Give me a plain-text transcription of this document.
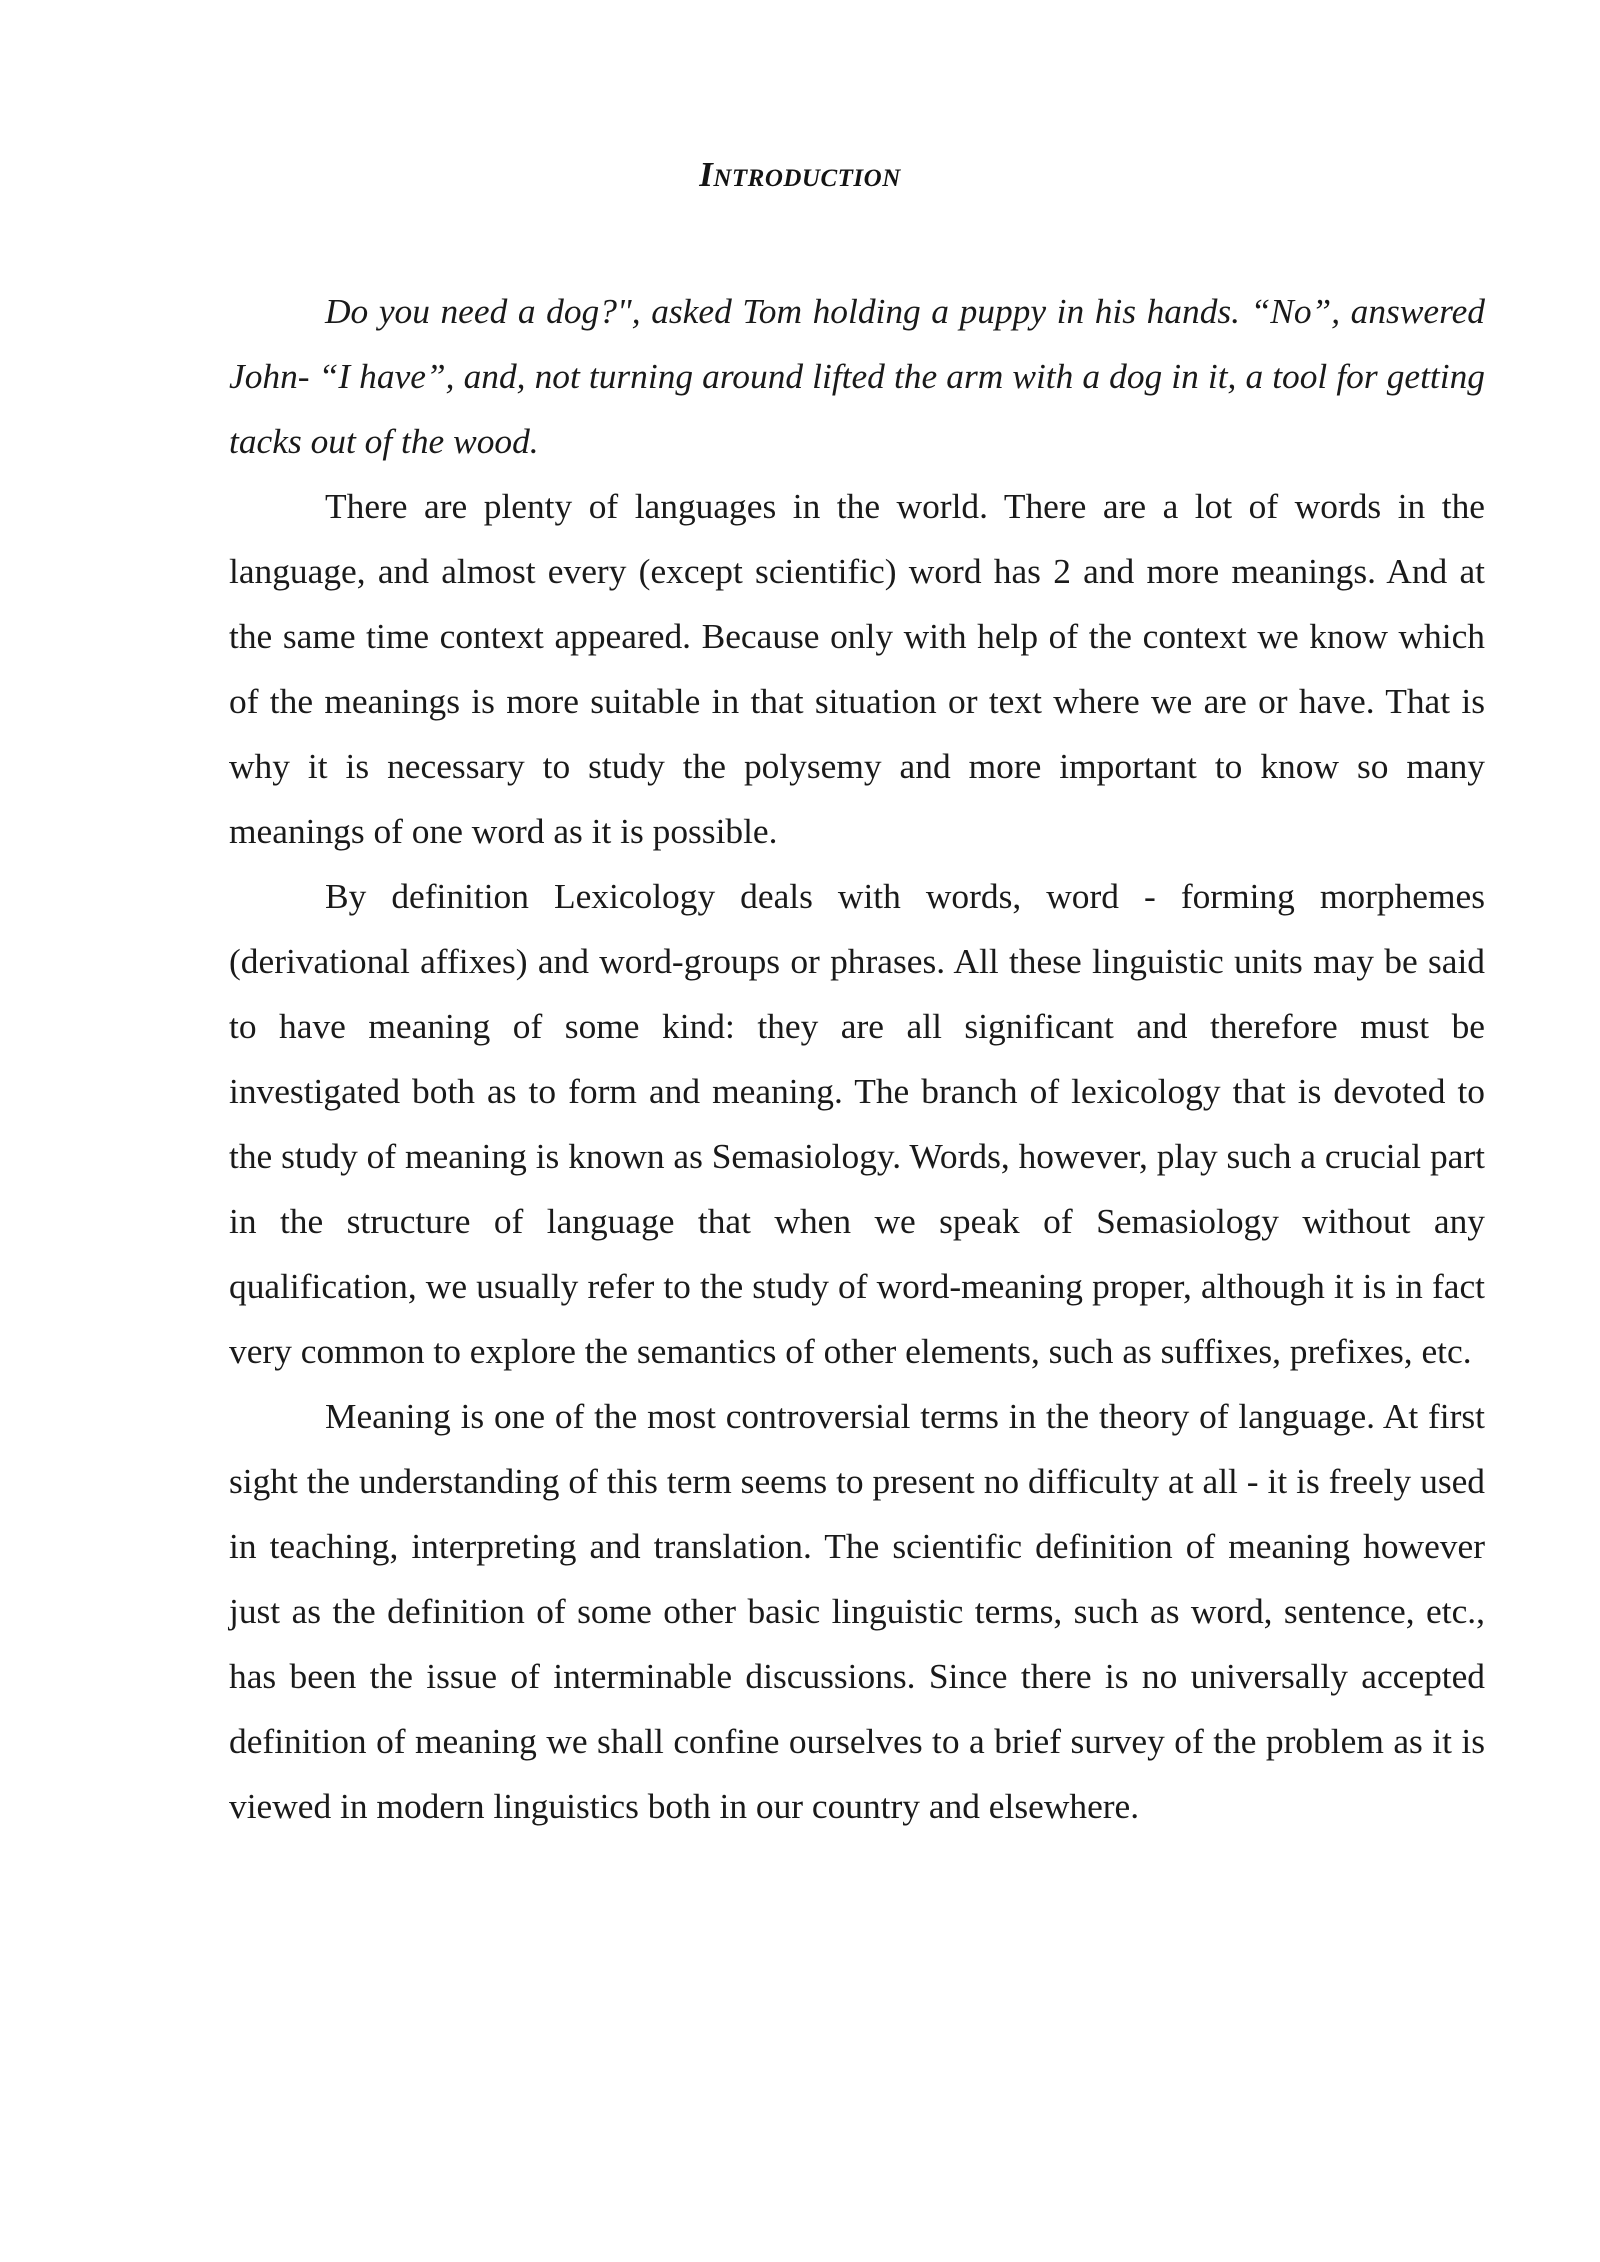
Introduction

Do you need a dog?", asked Tom holding a puppy in his hands. “No”, answered John- “I have”, and, not turning around lifted the arm with a dog in it, a tool for getting tacks out of the wood.

There are plenty of languages in the world. There are a lot of words in the language, and almost every (except scientific) word has 2 and more meanings. And at the same time context appeared. Because only with help of the context we know which of the meanings is more suitable in that situation or text where we are or have. That is why it is necessary to study the polysemy and more important to know so many meanings of one word as it is possible.

By definition Lexicology deals with words, word - forming morphemes (derivational affixes) and word-groups or phrases. All these linguistic units may be said to have meaning of some kind: they are all significant and therefore must be investigated both as to form and meaning. The branch of lexicology that is devoted to the study of meaning is known as Semasiology. Words, however, play such a crucial part in the structure of language that when we speak of Semasiology without any qualification, we usually refer to the study of word-meaning proper, although it is in fact very common to explore the semantics of other elements, such as suffixes, prefixes, etc.

Meaning is one of the most controversial terms in the theory of language. At first sight the understanding of this term seems to present no difficulty at all - it is freely used in teaching, interpreting and translation. The scientific definition of meaning however just as the definition of some other basic linguistic terms, such as word, sentence, etc., has been the issue of interminable discussions. Since there is no universally accepted definition of meaning we shall confine ourselves to a brief survey of the problem as it is viewed in modern linguistics both in our country and elsewhere.
